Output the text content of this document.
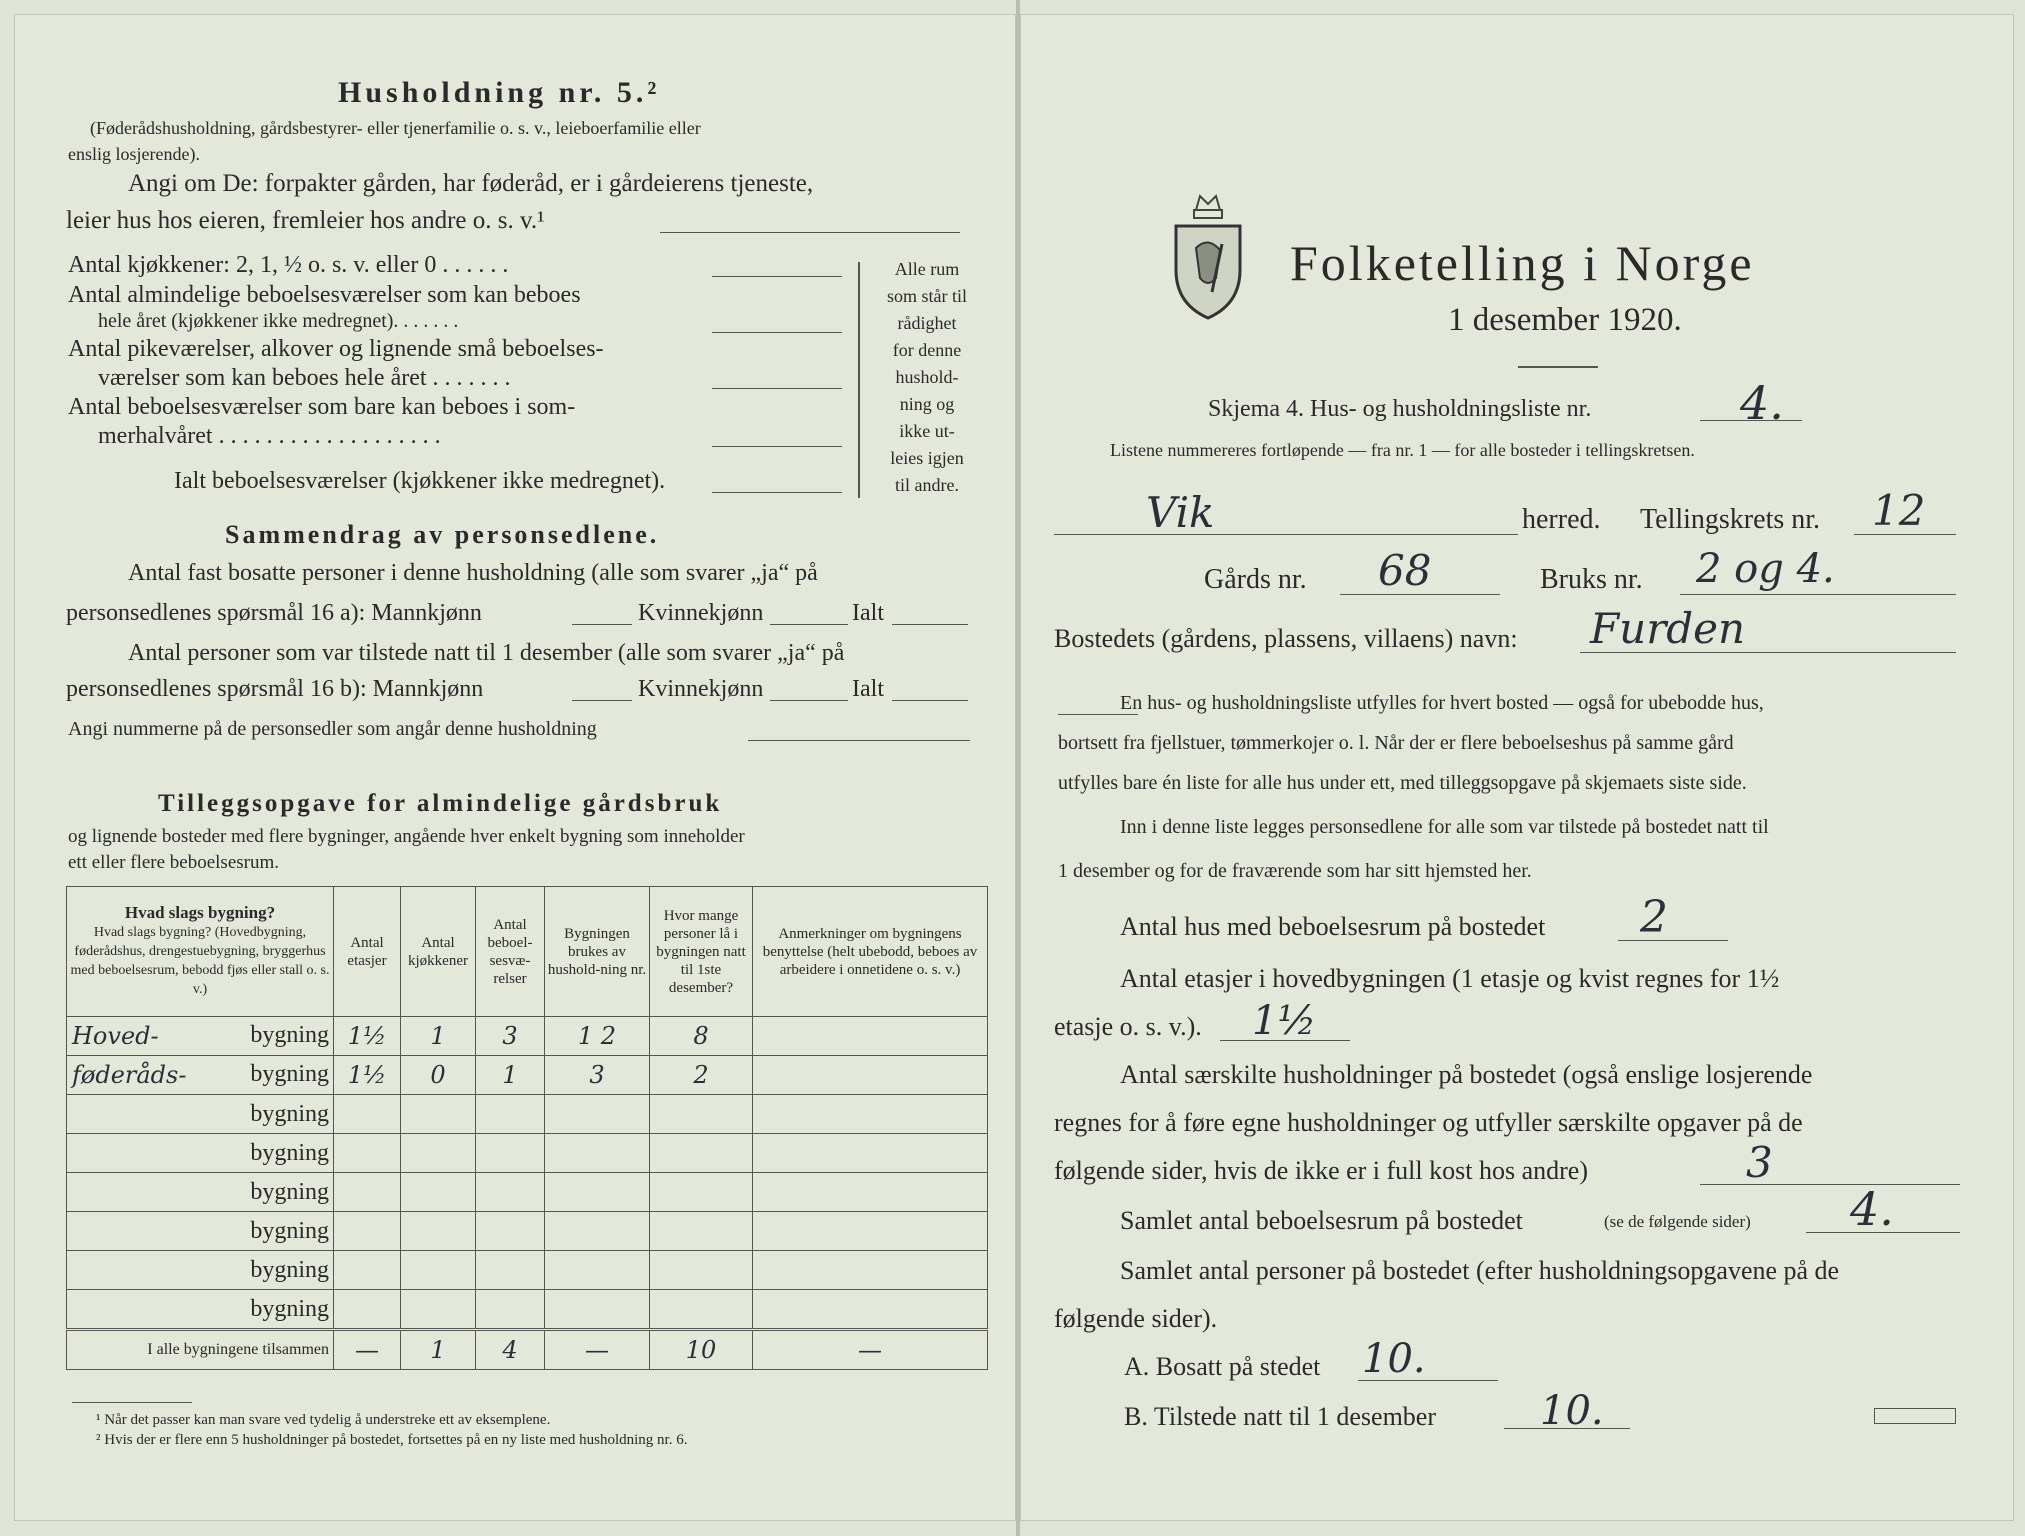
Husholdning nr. 5.²
(Føderådshusholdning, gårdsbestyrer- eller tjenerfamilie o. s. v., leieboerfamilie eller
enslig losjerende).
Angi om De: forpakter gården, har føderåd, er i gårdeierens tjeneste,
leier hus hos eieren, fremleier hos andre o. s. v.¹
Antal kjøkkener: 2, 1, ½ o. s. v. eller 0 . . . . . .
Antal almindelige beboelsesværelser som kan beboes
hele året (kjøkkener ikke medregnet). . . . . . .
Antal pikeværelser, alkover og lignende små beboelses-
værelser som kan beboes hele året . . . . . . .
Antal beboelsesværelser som bare kan beboes i som-
merhalvåret . . . . . . . . . . . . . . . . . . .
Ialt beboelsesværelser (kjøkkener ikke medregnet).
Alle rum
som står til
rådighet
for denne
hushold-
ning og
ikke ut-
leies igjen
til andre.
Sammendrag av personsedlene.
Antal fast bosatte personer i denne husholdning (alle som svarer „ja“ på
personsedlenes spørsmål 16 a): Mannkjønn	Kvinnekjønn	Ialt
Antal personer som var tilstede natt til 1 desember (alle som svarer „ja“ på
personsedlenes spørsmål 16 b): Mannkjønn	Kvinnekjønn	Ialt
Angi nummerne på de personsedler som angår denne husholdning
Tilleggsopgave for almindelige gårdsbruk
og lignende bosteder med flere bygninger, angående hver enkelt bygning som inneholder
ett eller flere beboelsesrum.
Hvad slags bygning?
Hvad slags bygning? (Hovedbygning, føderådshus, drengestuebygning, bryggerhus med beboelsesrum, bebodd fjøs eller stall o. s. v.)	Antal etasjer	Antal kjøkkener	Antal beboel-sesvæ-relser	Bygningen brukes av hushold-ning nr.	Hvor mange personer lå i bygningen natt til 1ste desember?	Anmerkninger om bygningens benyttelse (helt ubebodd, beboes av arbeidere i onnetidene o. s. v.)

Hoved- bygning	1½	1	3	1 2	8	

føderåds- bygning	1½	0	1	3	2	
bygning						
bygning						
bygning						
bygning						
bygning						
bygning						
I alle bygningene tilsammen	—	1	4	—	10	—
¹ Når det passer kan man svare ved tydelig å understreke ett av eksemplene.
² Hvis der er flere enn 5 husholdninger på bostedet, fortsettes på en ny liste med husholdning nr. 6.
Folketelling i Norge
1 desember 1920.
Skjema 4. Hus- og husholdningsliste nr.	4.
Listene nummereres fortløpende — fra nr. 1 — for alle bosteder i tellingskretsen.
Vik	herred. Tellingskrets nr. 12
Gårds nr. 68	Bruks nr. 2 og 4.
Bostedets (gårdens, plassens, villaens) navn: Furden
En hus- og husholdningsliste utfylles for hvert bosted — også for ubebodde hus,
bortsett fra fjellstuer, tømmerkojer o. l. Når der er flere beboelseshus på samme gård
utfylles bare én liste for alle hus under ett, med tilleggsopgave på skjemaets siste side.
Inn i denne liste legges personsedlene for alle som var tilstede på bostedet natt til
1 desember og for de fraværende som har sitt hjemsted her.
Antal hus med beboelsesrum på bostedet 2
Antal etasjer i hovedbygningen (1 etasje og kvist regnes for 1½
etasje o. s. v.). 1½
Antal særskilte husholdninger på bostedet (også enslige losjerende
regnes for å føre egne husholdninger og utfyller særskilte opgaver på de
følgende sider, hvis de ikke er i full kost hos andre)	3
Samlet antal beboelsesrum på bostedet	(se de følgende sider) 4.
Samlet antal personer på bostedet (efter husholdningsopgavene på de
følgende sider).
A. Bosatt på stedet 10.
B. Tilstede natt til 1 desember	10.
